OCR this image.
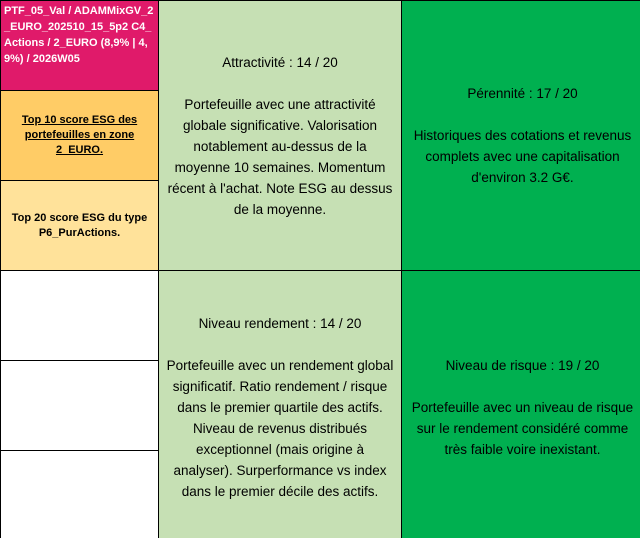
PTF_05_Val / ADAMMixGV_2_EURO_202510_15_5p2 C4_Actions / 2_EURO (8,9% | 4,9%) / 2026W05
Top 10 score ESG des portefeuilles en zone 2_EURO.
Top 20 score ESG du type P6_PurActions.
Attractivité : 14 / 20
Portefeuille avec une attractivité globale significative. Valorisation notablement au-dessus de la moyenne 10 semaines. Momentum récent à l'achat. Note ESG au dessus de la moyenne.
Pérennité : 17 / 20
Historiques des cotations et revenus complets avec une capitalisation d'environ 3.2 G€.
Niveau rendement : 14 / 20
Portefeuille avec un rendement global significatif. Ratio rendement / risque dans le premier quartile des actifs. Niveau de revenus distribués exceptionnel (mais origine à analyser). Surperformance vs index dans le premier décile des actifs.
Niveau de risque : 19 / 20
Portefeuille avec un niveau de risque sur le rendement considéré comme très faible voire inexistant.
